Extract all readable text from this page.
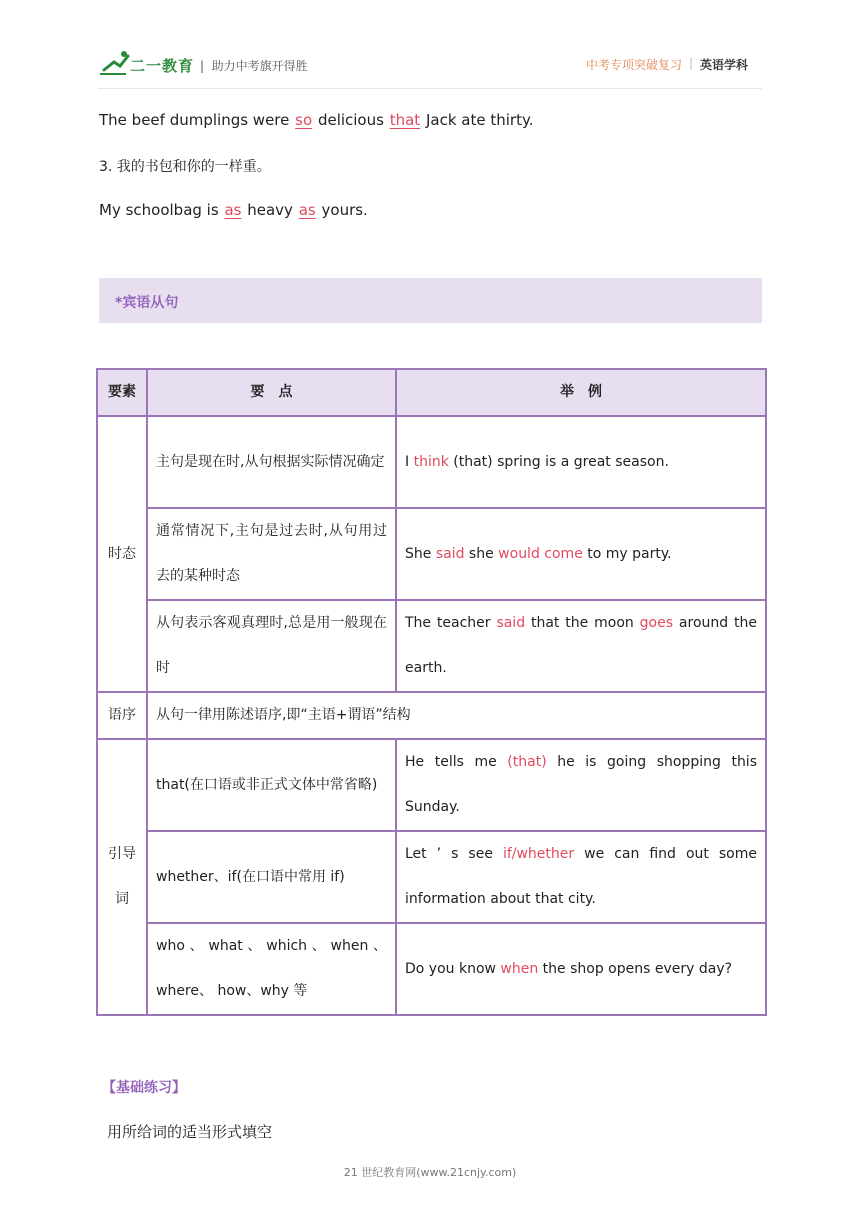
二一教育 |  助力中考旗开得胜	中考专项突破复习 | 英语学科
The beef dumplings were so delicious that Jack ate thirty.
3. 我的书包和你的一样重。
My schoolbag is as heavy as yours.
*宾语从句
要素	要　点	举　例
时态	主句是现在时,从句根据实际情况确定	I think (that) spring is a great season.
	通常情况下,主句是过去时,从句用过去的某种时态	She said she would come to my party.
	从句表示客观真理时,总是用一般现在时	The teacher said that the moon goes around the earth.
语序	从句一律用陈述语序,即“主语+谓语”结构	
引导词	that(在口语或非正式文体中常省略)	He tells me (that) he is going shopping this Sunday.
	whether、if(在口语中常用 if)	Let ’ s see if/whether we can find out some information about that city.
	who 、 what 、 which 、 when 、where、 how、why 等	Do you know when the shop opens every day?
【基础练习】
用所给词的适当形式填空
21 世纪教育网(www.21cnjy.com)
